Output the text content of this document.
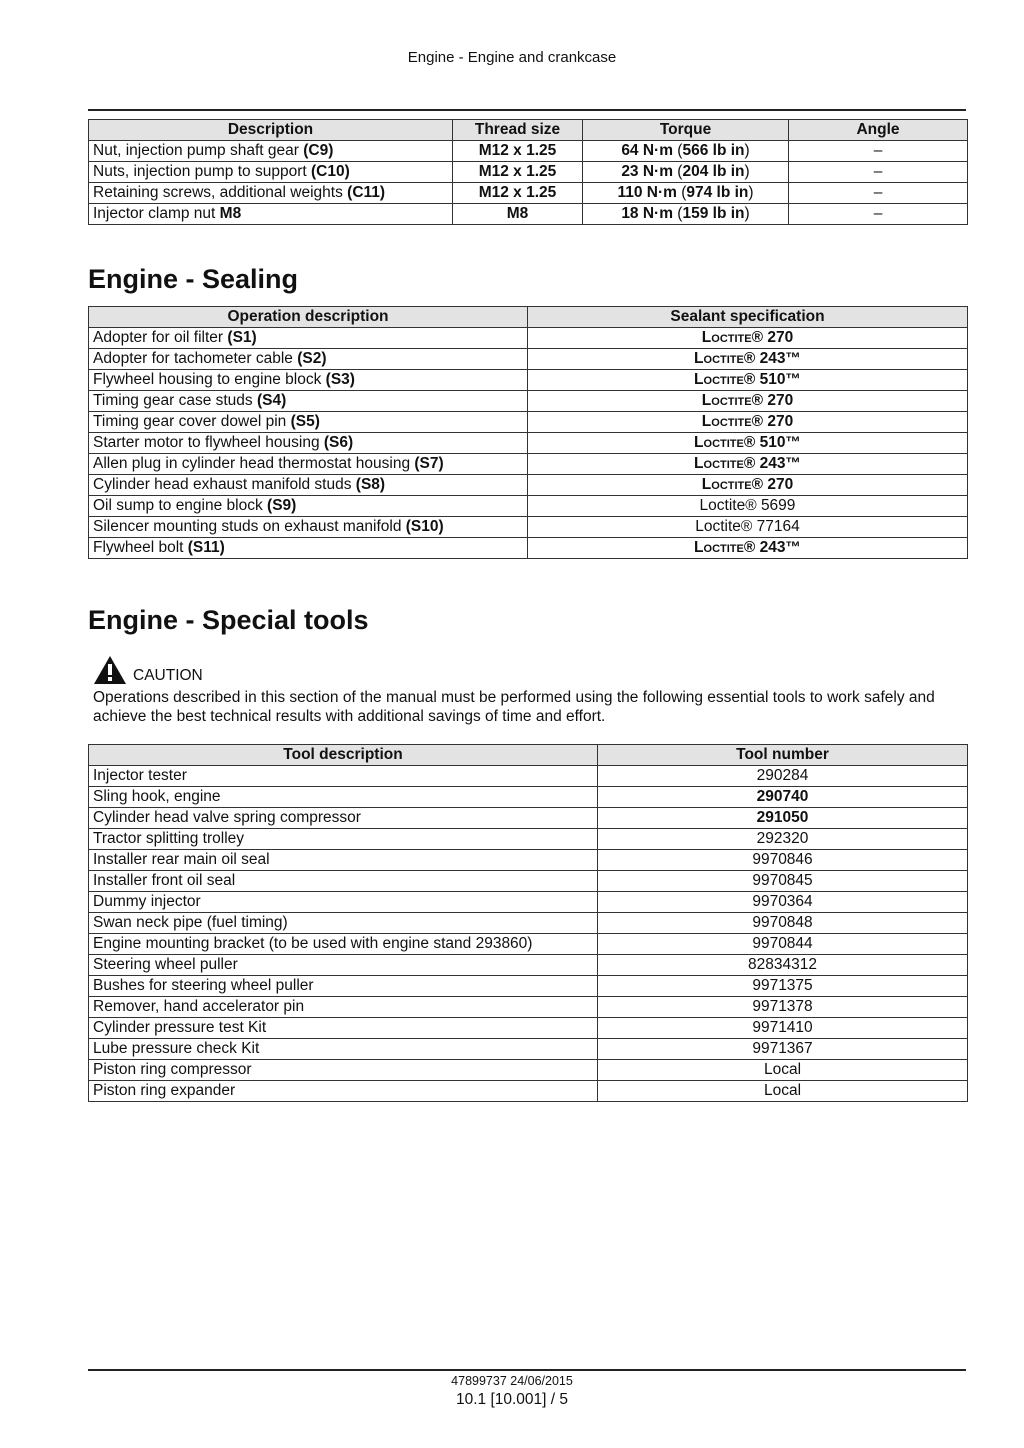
Engine - Engine and crankcase
Description	Thread size	Torque	Angle
Nut, injection pump shaft gear (C9)	M12 x 1.25	64 N·m (566 lb in)	–
Nuts, injection pump to support (C10)	M12 x 1.25	23 N·m (204 lb in)	–
Retaining screws, additional weights (C11)	M12 x 1.25	110 N·m (974 lb in)	–
Injector clamp nut M8	M8	18 N·m (159 lb in)	–
Engine - Sealing
Operation description	Sealant specification
Adopter for oil filter (S1)	Loctite® 270
Adopter for tachometer cable (S2)	Loctite® 243™
Flywheel housing to engine block (S3)	Loctite® 510™
Timing gear case studs (S4)	Loctite® 270
Timing gear cover dowel pin (S5)	Loctite® 270
Starter motor to flywheel housing (S6)	Loctite® 510™
Allen plug in cylinder head thermostat housing (S7)	Loctite® 243™
Cylinder head exhaust manifold studs (S8)	Loctite® 270
Oil sump to engine block (S9)	Loctite® 5699
Silencer mounting studs on exhaust manifold (S10)	Loctite® 77164
Flywheel bolt (S11)	Loctite® 243™
Engine - Special tools
CAUTION
Operations described in this section of the manual must be performed using the following essential tools to work safely and achieve the best technical results with additional savings of time and effort.
Tool description	Tool number
Injector tester	290284
Sling hook, engine	290740
Cylinder head valve spring compressor	291050
Tractor splitting trolley	292320
Installer rear main oil seal	9970846
Installer front oil seal	9970845
Dummy injector	9970364
Swan neck pipe (fuel timing)	9970848
Engine mounting bracket (to be used with engine stand 293860)	9970844
Steering wheel puller	82834312
Bushes for steering wheel puller	9971375
Remover, hand accelerator pin	9971378
Cylinder pressure test Kit	9971410
Lube pressure check Kit	9971367
Piston ring compressor	Local
Piston ring expander	Local
47899737 24/06/2015
10.1 [10.001] / 5
